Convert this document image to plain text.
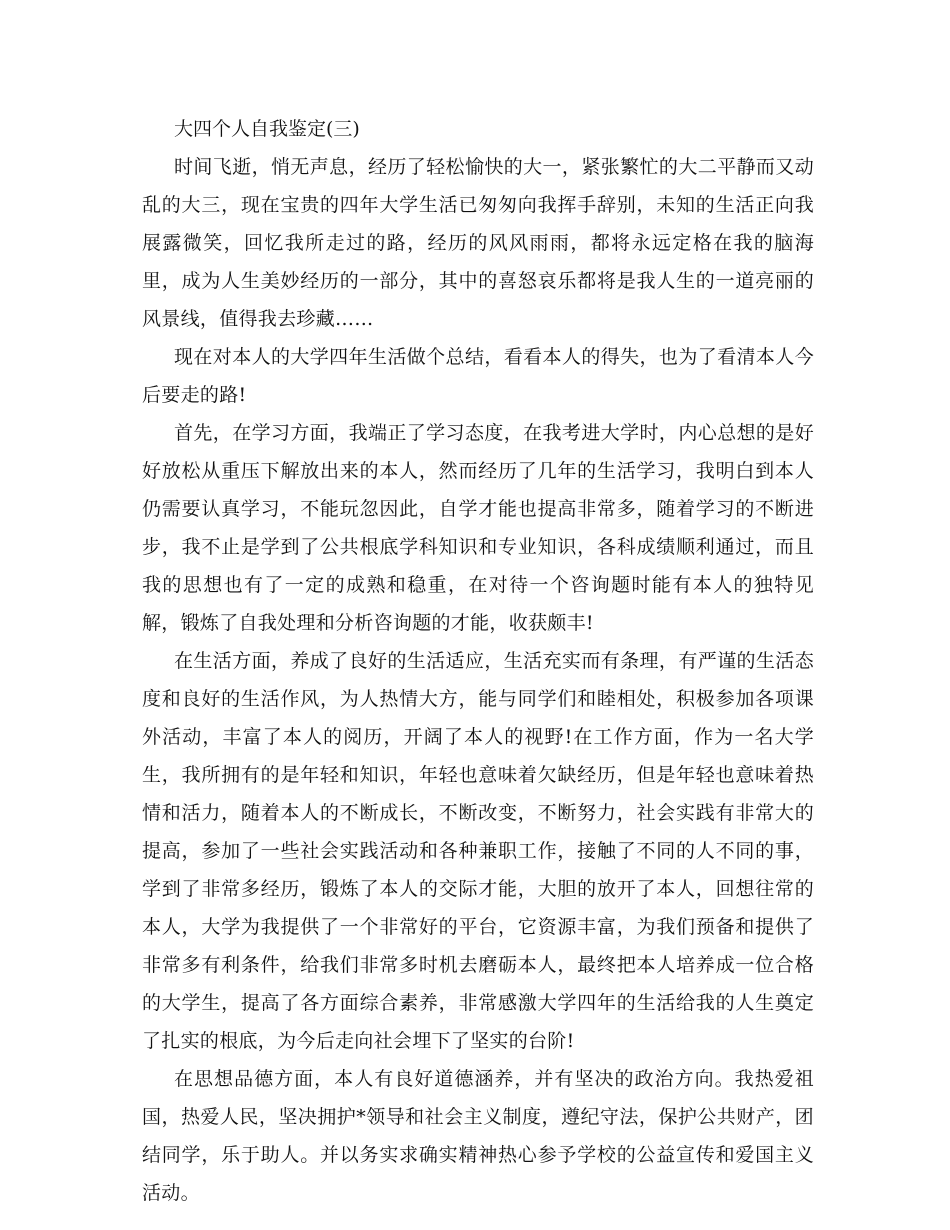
大四个人自我鉴定(三)

时间飞逝，悄无声息，经历了轻松愉快的大一，紧张繁忙的大二平静而又动乱的大三，现在宝贵的四年大学生活已匆匆向我挥手辞别，未知的生活正向我展露微笑，回忆我所走过的路，经历的风风雨雨，都将永远定格在我的脑海里，成为人生美妙经历的一部分，其中的喜怒哀乐都将是我人生的一道亮丽的风景线，值得我去珍藏……

现在对本人的大学四年生活做个总结，看看本人的得失，也为了看清本人今后要走的路!

首先，在学习方面，我端正了学习态度，在我考进大学时，内心总想的是好好放松从重压下解放出来的本人，然而经历了几年的生活学习，我明白到本人仍需要认真学习，不能玩忽因此，自学才能也提高非常多，随着学习的不断进步，我不止是学到了公共根底学科知识和专业知识，各科成绩顺利通过，而且我的思想也有了一定的成熟和稳重，在对待一个咨询题时能有本人的独特见解，锻炼了自我处理和分析咨询题的才能，收获颇丰!

在生活方面，养成了良好的生活适应，生活充实而有条理，有严谨的生活态度和良好的生活作风，为人热情大方，能与同学们和睦相处，积极参加各项课外活动，丰富了本人的阅历，开阔了本人的视野!在工作方面，作为一名大学生，我所拥有的是年轻和知识，年轻也意味着欠缺经历，但是年轻也意味着热情和活力，随着本人的不断成长，不断改变，不断努力，社会实践有非常大的提高，参加了一些社会实践活动和各种兼职工作，接触了不同的人不同的事，学到了非常多经历，锻炼了本人的交际才能，大胆的放开了本人，回想往常的本人，大学为我提供了一个非常好的平台，它资源丰富，为我们预备和提供了非常多有利条件，给我们非常多时机去磨砺本人，最终把本人培养成一位合格的大学生，提高了各方面综合素养，非常感激大学四年的生活给我的人生奠定了扎实的根底，为今后走向社会埋下了坚实的台阶!

在思想品德方面，本人有良好道德涵养，并有坚决的政治方向。我热爱祖国，热爱人民，坚决拥护*领导和社会主义制度，遵纪守法，保护公共财产，团结同学，乐于助人。并以务实求确实精神热心参予学校的公益宣传和爱国主义活动。
